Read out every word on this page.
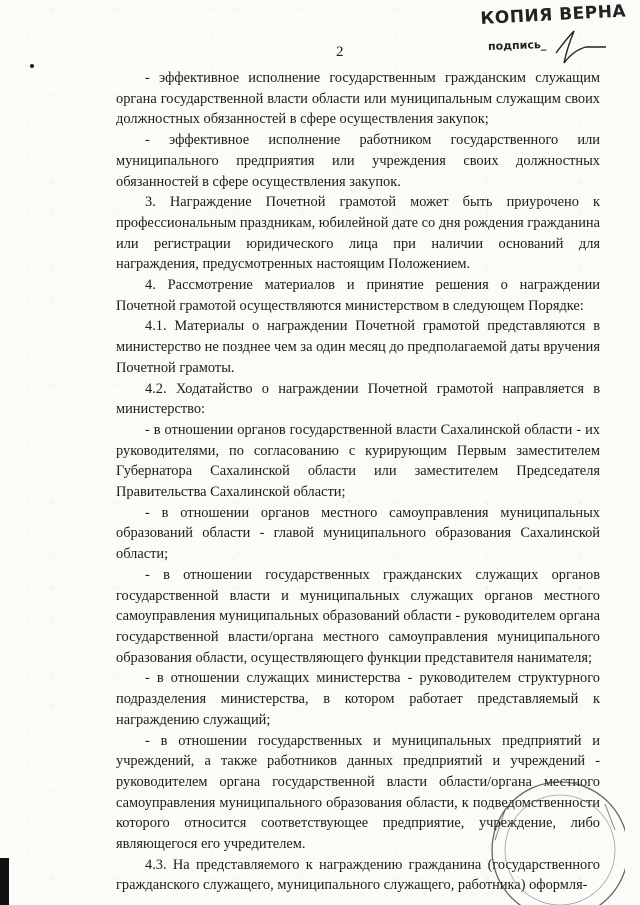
КОПИЯ ВЕРНА
подпись_
2

- эффективное исполнение государственным гражданским служащим органа государственной власти области или муниципальным служащим своих должностных обязанностей в сфере осуществления закупок;

- эффективное исполнение работником государственного или муниципального предприятия или учреждения своих должностных обязанностей в сфере осуществления закупок.

3. Награждение Почетной грамотой может быть приурочено к профессиональным праздникам, юбилейной дате со дня рождения гражданина или регистрации юридического лица при наличии оснований для награждения, предусмотренных настоящим Положением.

4. Рассмотрение материалов и принятие решения о награждении Почетной грамотой осуществляются министерством в следующем Порядке:

4.1. Материалы о награждении Почетной грамотой представляются в министерство не позднее чем за один месяц до предполагаемой даты вручения Почетной грамоты.

4.2. Ходатайство о награждении Почетной грамотой направляется в министерство:

- в отношении органов государственной власти Сахалинской области - их руководителями, по согласованию с курирующим Первым заместителем Губернатора Сахалинской области или заместителем Председателя Правительства Сахалинской области;

- в отношении органов местного самоуправления муниципальных образований области - главой муниципального образования Сахалинской области;

- в отношении государственных гражданских служащих органов государственной власти и муниципальных служащих органов местного самоуправления муниципальных образований области - руководителем органа государственной власти/органа местного самоуправления муниципального образования области, осуществляющего функции представителя нанимателя;

- в отношении служащих министерства - руководителем структурного подразделения министерства, в котором работает представляемый к награждению служащий;

- в отношении государственных и муниципальных предприятий и учреждений, а также работников данных предприятий и учреждений - руководителем органа государственной власти области/органа местного самоуправления муниципального образования области, к подведомственности которого относится соответствующее предприятие, учреждение, либо являющегося его учредителем.

4.3. На представляемого к награждению гражданина (государственного гражданского служащего, муниципального служащего, работника) оформля-
